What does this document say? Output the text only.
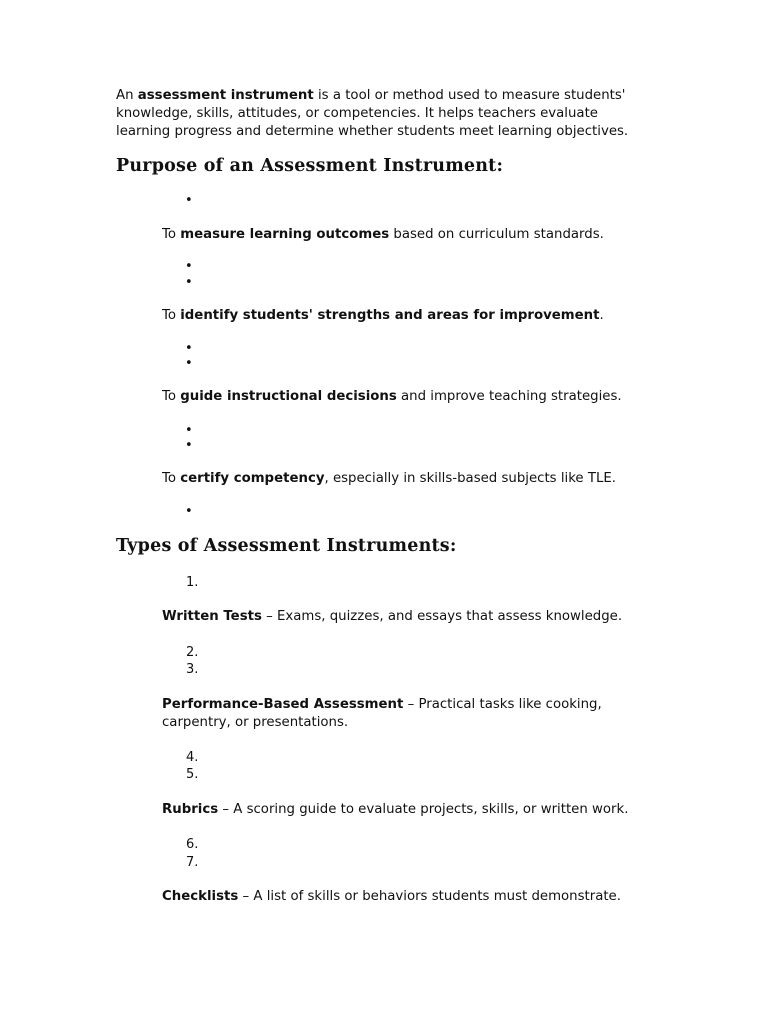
An assessment instrument is a tool or method used to measure students' knowledge, skills, attitudes, or competencies. It helps teachers evaluate learning progress and determine whether students meet learning objectives.
Purpose of an Assessment Instrument:
•
To measure learning outcomes based on curriculum standards.
•
•
To identify students' strengths and areas for improvement.
•
•
To guide instructional decisions and improve teaching strategies.
•
•
To certify competency, especially in skills-based subjects like TLE.
•
Types of Assessment Instruments:
1.
Written Tests – Exams, quizzes, and essays that assess knowledge.
2.
3.
Performance-Based Assessment – Practical tasks like cooking, carpentry, or presentations.
4.
5.
Rubrics – A scoring guide to evaluate projects, skills, or written work.
6.
7.
Checklists – A list of skills or behaviors students must demonstrate.
